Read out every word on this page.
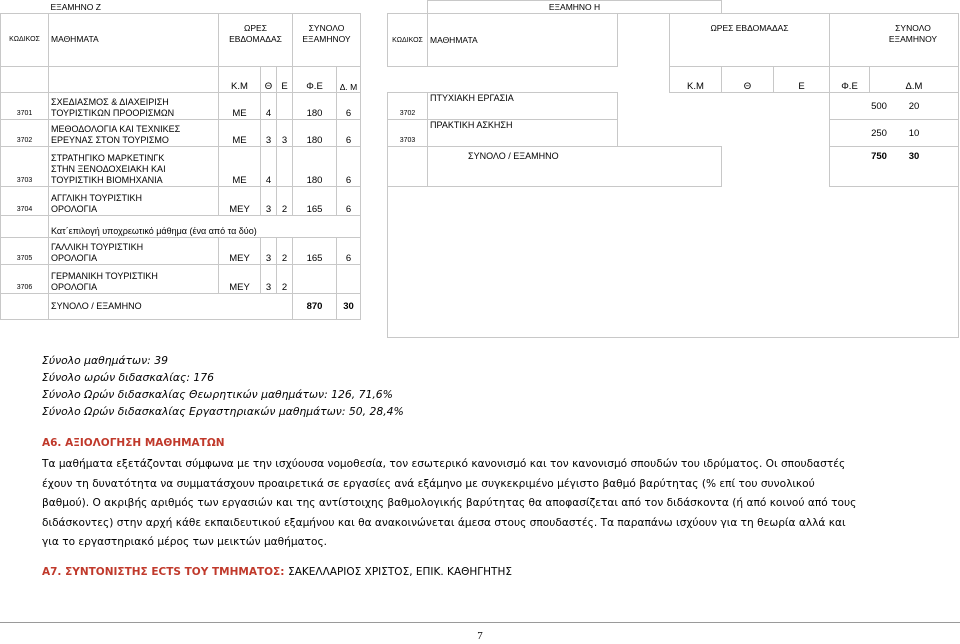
	ΕΞΑΜΗΝΟ Ζ						
ΚΩΔΙΚΟΣ	ΜΑΘΗΜΑΤΑ	ΩΡΕΣ ΕΒΔΟΜΑΔΑΣ			ΣΥΝΟΛΟ ΕΞΑΜΗΝΟΥ		
		Κ.Μ	Θ	Ε	Φ.Ε	Δ. Μ	
3701	ΣΧΕΔΙΑΣΜΟΣ & ΔΙΑΧΕΙΡΙΣΗ
ΤΟΥΡΙΣΤΙΚΩΝ ΠΡΟΟΡΙΣΜΩΝ	ΜΕ	4		180	6	
3702	ΜΕΘΟΔΟΛΟΓΙΑ ΚΑΙ ΤΕΧΝΙΚΕΣ
ΕΡΕΥΝΑΣ ΣΤΟΝ ΤΟΥΡΙΣΜΟ	ΜΕ	3	3	180	6	
3703	ΣΤΡΑΤΗΓΙΚΟ ΜΑΡΚΕΤΙΝΓΚ
ΣΤΗΝ ΞΕΝΟΔΟΧΕΙΑΚΗ ΚΑΙ
ΤΟΥΡΙΣΤΙΚΗ ΒΙΟΜΗΧΑΝΙΑ	ΜΕ	4		180	6	
3704	ΑΓΓΛΙΚΗ ΤΟΥΡΙΣΤΙΚΗ
ΟΡΟΛΟΓΙΑ	ΜΕΥ	3	2	165	6	
	Κατ΄επιλογή υποχρεωτικό μάθημα (ένα από τα δύο)						
3705	ΓΑΛΛΙΚΗ ΤΟΥΡΙΣΤΙΚΗ
ΟΡΟΛΟΓΙΑ	ΜΕΥ	3	2	165	6	
3706	ΓΕΡΜΑΝΙΚΗ ΤΟΥΡΙΣΤΙΚΗ
ΟΡΟΛΟΓΙΑ	ΜΕΥ	3	2			
	ΣΥΝΟΛΟ / ΕΞΑΜΗΝΟ				870	30	
	ΕΞΑΜΗΝΟ Η						
ΚΩΔΙΚΟΣ	ΜΑΘΗΜΑΤΑ		ΩΡΕΣ ΕΒΔΟΜΑΔΑΣ			ΣΥΝΟΛΟ ΕΞΑΜΗΝΟΥ	
			Κ.Μ	Θ	Ε	Φ.Ε	Δ.Μ
3702	ΠΤΥΧΙΑΚΗ ΕΡΓΑΣΙΑ					500 20	
3703	ΠΡΑΚΤΙΚΗ ΑΣΚΗΣΗ					250 10	
	ΣΥΝΟΛΟ / ΕΞΑΜΗΝΟ					750 30	

Σύνολο μαθημάτων: 39
Σύνολο ωρών διδασκαλίας: 176
Σύνολο Ωρών διδασκαλίας Θεωρητικών μαθημάτων: 126, 71,6%
Σύνολο Ωρών διδασκαλίας Εργαστηριακών μαθημάτων: 50, 28,4%
Α6. ΑΞΙΟΛΟΓΗΣΗ ΜΑΘΗΜΑΤΩΝ
Τα μαθήματα εξετάζονται σύμφωνα με την ισχύουσα νομοθεσία, τον εσωτερικό κανονισμό και τον κανονισμό σπουδών του ιδρύματος. Οι σπουδαστές
έχουν τη δυνατότητα να συμματάσχουν προαιρετικά σε εργασίες ανά εξάμηνο με συγκεκριμένο μέγιστο βαθμό βαρύτητας (% επί του συνολικού
βαθμού). Ο ακριβής αριθμός των εργασιών και της αντίστοιχης βαθμολογικής βαρύτητας θα αποφασίζεται από τον διδάσκοντα (ή από κοινού από τους
διδάσκοντες) στην αρχή κάθε εκπαιδευτικού εξαμήνου και θα ανακοινώνεται άμεσα στους σπουδαστές. Τα παραπάνω ισχύουν για τη θεωρία αλλά και
για το εργαστηριακό μέρος των μεικτών μαθήματος.
Α7. ΣΥΝΤΟΝΙΣΤΗΣ ECTS ΤΟΥ ΤΜΗΜΑΤΟΣ: ΣΑΚΕΛΛΑΡΙΟΣ ΧΡΙΣΤΟΣ, ΕΠΙΚ. ΚΑΘΗΓΗΤΗΣ
7
